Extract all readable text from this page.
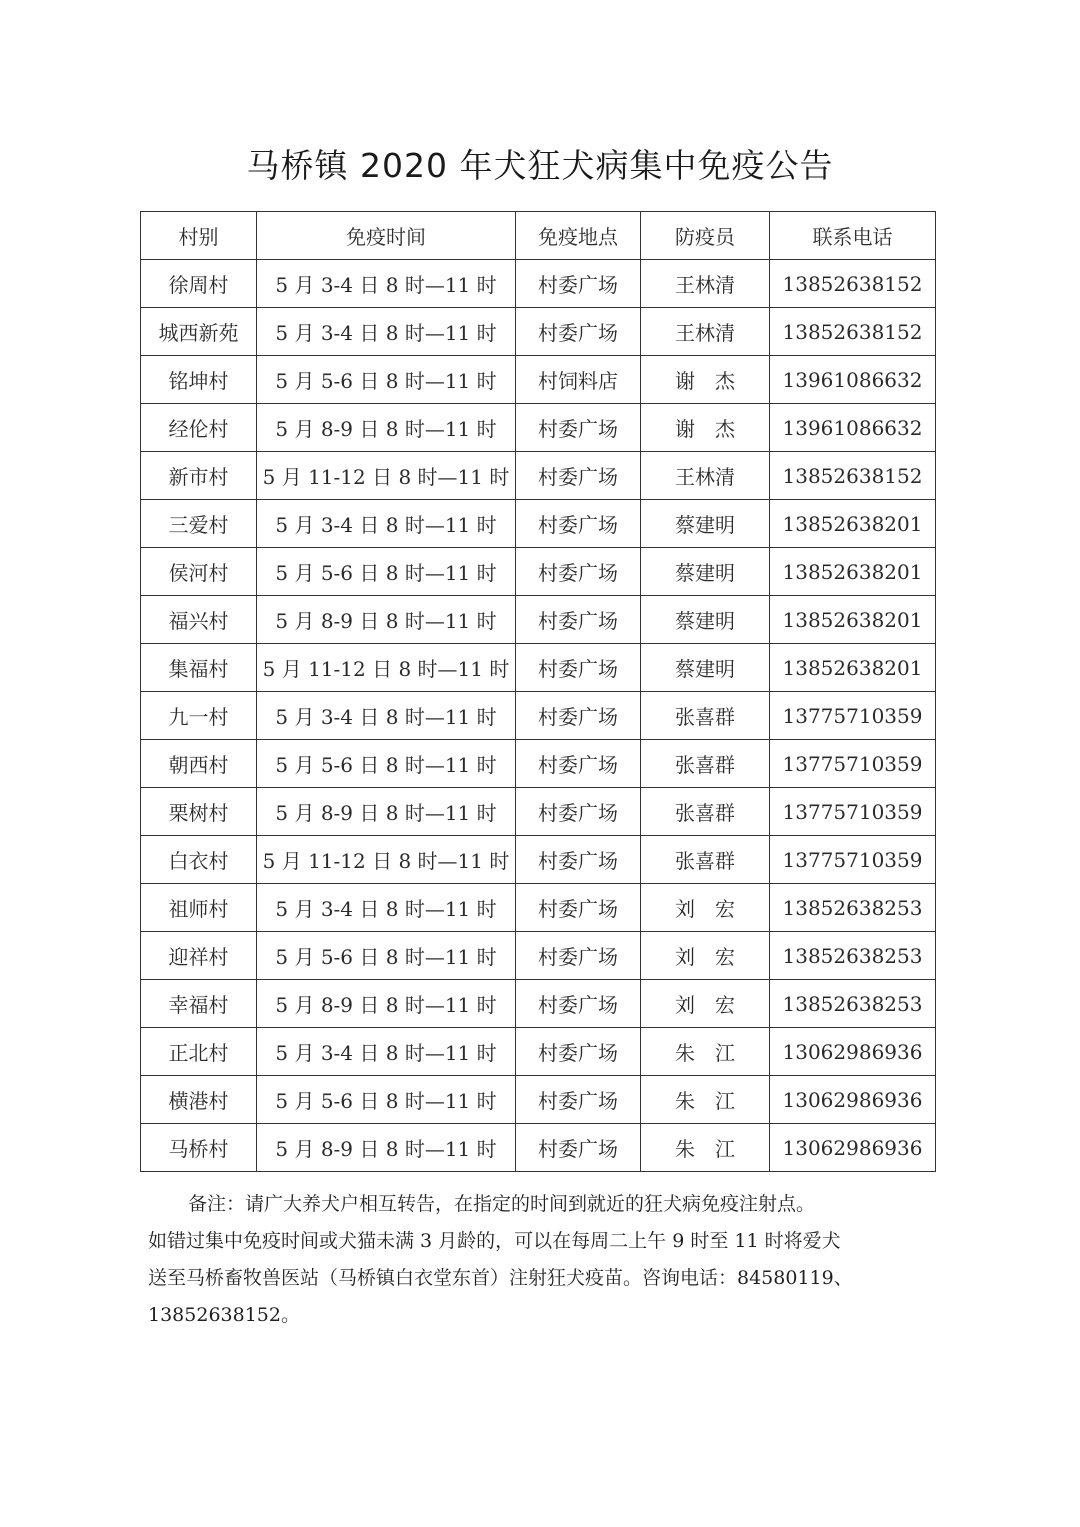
马桥镇 2020 年犬狂犬病集中免疫公告
村别	免疫时间	免疫地点	防疫员	联系电话
徐周村	5 月 3-4 日 8 时—11 时	村委广场	王林清	13852638152
城西新苑	5 月 3-4 日 8 时—11 时	村委广场	王林清	13852638152
铭坤村	5 月 5-6 日 8 时—11 时	村饲料店	谢　杰	13961086632
经伦村	5 月 8-9 日 8 时—11 时	村委广场	谢　杰	13961086632
新市村	5 月 11-12 日 8 时—11 时	村委广场	王林清	13852638152
三爱村	5 月 3-4 日 8 时—11 时	村委广场	蔡建明	13852638201
侯河村	5 月 5-6 日 8 时—11 时	村委广场	蔡建明	13852638201
福兴村	5 月 8-9 日 8 时—11 时	村委广场	蔡建明	13852638201
集福村	5 月 11-12 日 8 时—11 时	村委广场	蔡建明	13852638201
九一村	5 月 3-4 日 8 时—11 时	村委广场	张喜群	13775710359
朝西村	5 月 5-6 日 8 时—11 时	村委广场	张喜群	13775710359
栗树村	5 月 8-9 日 8 时—11 时	村委广场	张喜群	13775710359
白衣村	5 月 11-12 日 8 时—11 时	村委广场	张喜群	13775710359
祖师村	5 月 3-4 日 8 时—11 时	村委广场	刘　宏	13852638253
迎祥村	5 月 5-6 日 8 时—11 时	村委广场	刘　宏	13852638253
幸福村	5 月 8-9 日 8 时—11 时	村委广场	刘　宏	13852638253
正北村	5 月 3-4 日 8 时—11 时	村委广场	朱　江	13062986936
横港村	5 月 5-6 日 8 时—11 时	村委广场	朱　江	13062986936
马桥村	5 月 8-9 日 8 时—11 时	村委广场	朱　江	13062986936

备注：请广大养犬户相互转告，在指定的时间到就近的狂犬病免疫注射点。

如错过集中免疫时间或犬猫未满 3 月龄的，可以在每周二上午 9 时至 11 时将爱犬

送至马桥畜牧兽医站（马桥镇白衣堂东首）注射狂犬疫苗。咨询电话：84580119、

13852638152。
